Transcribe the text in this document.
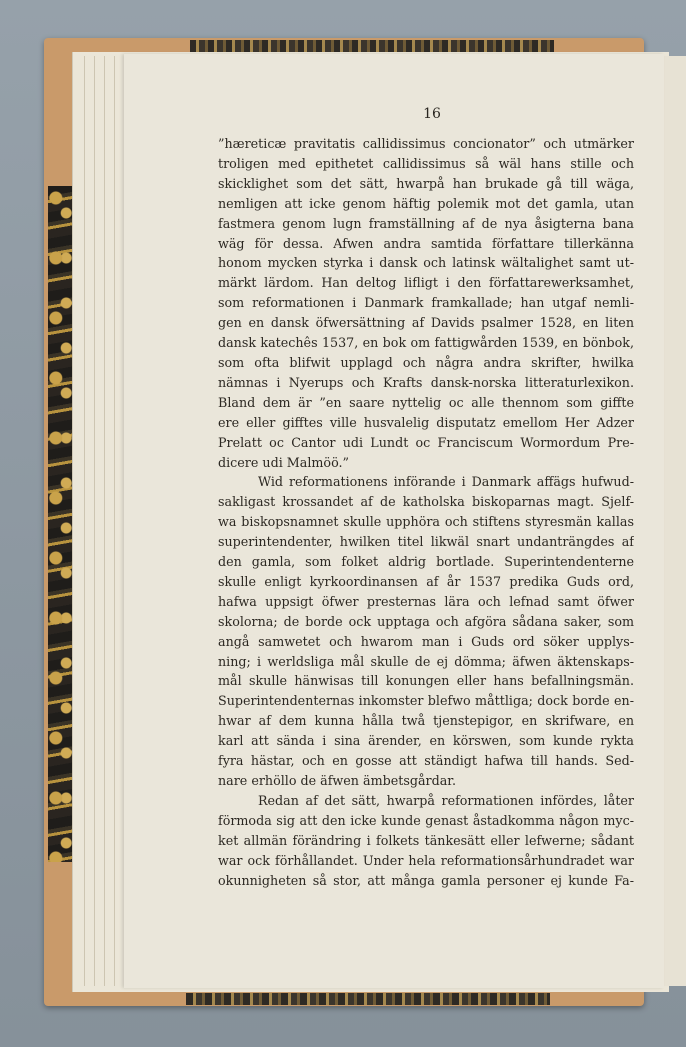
16
”hæreticæ pravitatis callidissimus concionator” och utmärker
troligen med epithetet callidissimus så wäl hans stille och
skicklighet som det sätt, hwarpå han brukade gå till wäga,
nemligen att icke genom häftig polemik mot det gamla, utan
fastmera genom lugn framställning af de nya åsigterna bana
wäg för dessa. Afwen andra samtida författare tillerkänna
honom mycken styrka i dansk och latinsk wältalighet samt ut-
märkt lärdom. Han deltog lifligt i den författarewerksamhet,
som reformationen i Danmark framkallade; han utgaf nemli-
gen en dansk öfwersättning af Davids psalmer 1528, en liten
dansk katechês 1537, en bok om fattigwården 1539, en bönbok,
som ofta blifwit upplagd och några andra skrifter, hwilka
nämnas i Nyerups och Krafts dansk-norska litteraturlexikon.
Bland dem är ”en saare nyttelig oc alle thennom som giffte
ere eller gifftes ville husvalelig disputatz emellom Her Adzer
Prelatt oc Cantor udi Lundt oc Franciscum Wormordum Pre-
dicere udi Malmöö.”
Wid reformationens införande i Danmark affägs hufwud-
sakligast krossandet af de katholska biskoparnas magt. Sjelf-
wa biskopsnamnet skulle upphöra och stiftens styresmän kallas
superintendenter, hwilken titel likwäl snart undanträngdes af
den gamla, som folket aldrig bortlade. Superintendenterne
skulle enligt kyrkoordinansen af år 1537 predika Guds ord,
hafwa uppsigt öfwer presternas lära och lefnad samt öfwer
skolorna; de borde ock upptaga och afgöra sådana saker, som
angå samwetet och hwarom man i Guds ord söker upplys-
ning; i werldsliga mål skulle de ej dömma; äfwen äktenskaps-
mål skulle hänwisas till konungen eller hans befallningsmän.
Superintendenternas inkomster blefwo måttliga; dock borde en-
hwar af dem kunna hålla twå tjenstepigor, en skrifware, en
karl att sända i sina ärender, en körswen, som kunde rykta
fyra hästar, och en gosse att ständigt hafwa till hands. Sed-
nare erhöllo de äfwen ämbetsgårdar.
Redan af det sätt, hwarpå reformationen infördes, låter
förmoda sig att den icke kunde genast åstadkomma någon myc-
ket allmän förändring i folkets tänkesätt eller lefwerne; sådant
war ock förhållandet. Under hela reformationsårhundradet war
okunnigheten så stor, att många gamla personer ej kunde Fa-
